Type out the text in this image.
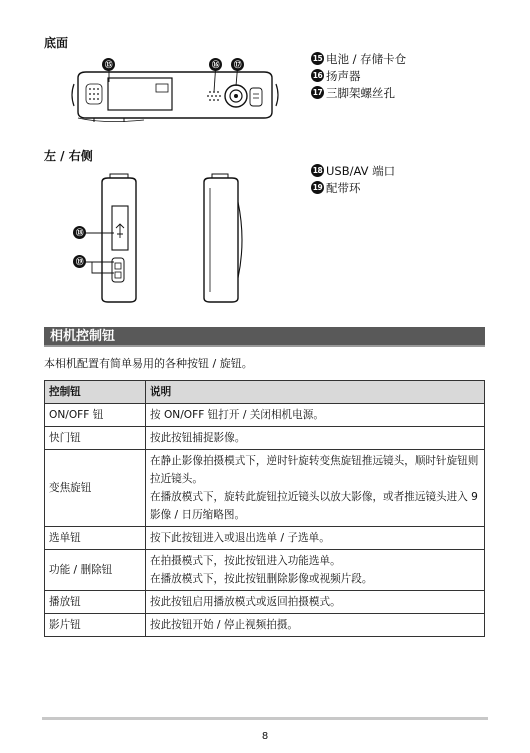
底面
⑮	⑯	⑰
15 电池 / 存储卡仓
16 扬声器
17 三脚架螺丝孔
左 / 右侧
⑱
⑲
18 USB/AV 端口
19 配带环
相机控制钮
本相机配置有简单易用的各种按钮 / 旋钮。
控制钮	说明
ON/OFF 钮	按 ON/OFF 钮打开 / 关闭相机电源。

快门钮	按此按钮捕捉影像。

变焦旋钮	在静止影像拍摄模式下，逆时针旋转变焦旋钮推远镜头，顺时针旋钮则拉近镜头。
在播放模式下，旋转此旋钮拉近镜头以放大影像，或者推远镜头进入 9 影像 / 日历缩略图。

选单钮	按下此按钮进入或退出选单 / 子选单。

功能 / 删除钮	在拍摄模式下，按此按钮进入功能选单。
在播放模式下，按此按钮删除影像或视频片段。

播放钮	按此按钮启用播放模式或返回拍摄模式。

影片钮	按此按钮开始 / 停止视频拍摄。
8
